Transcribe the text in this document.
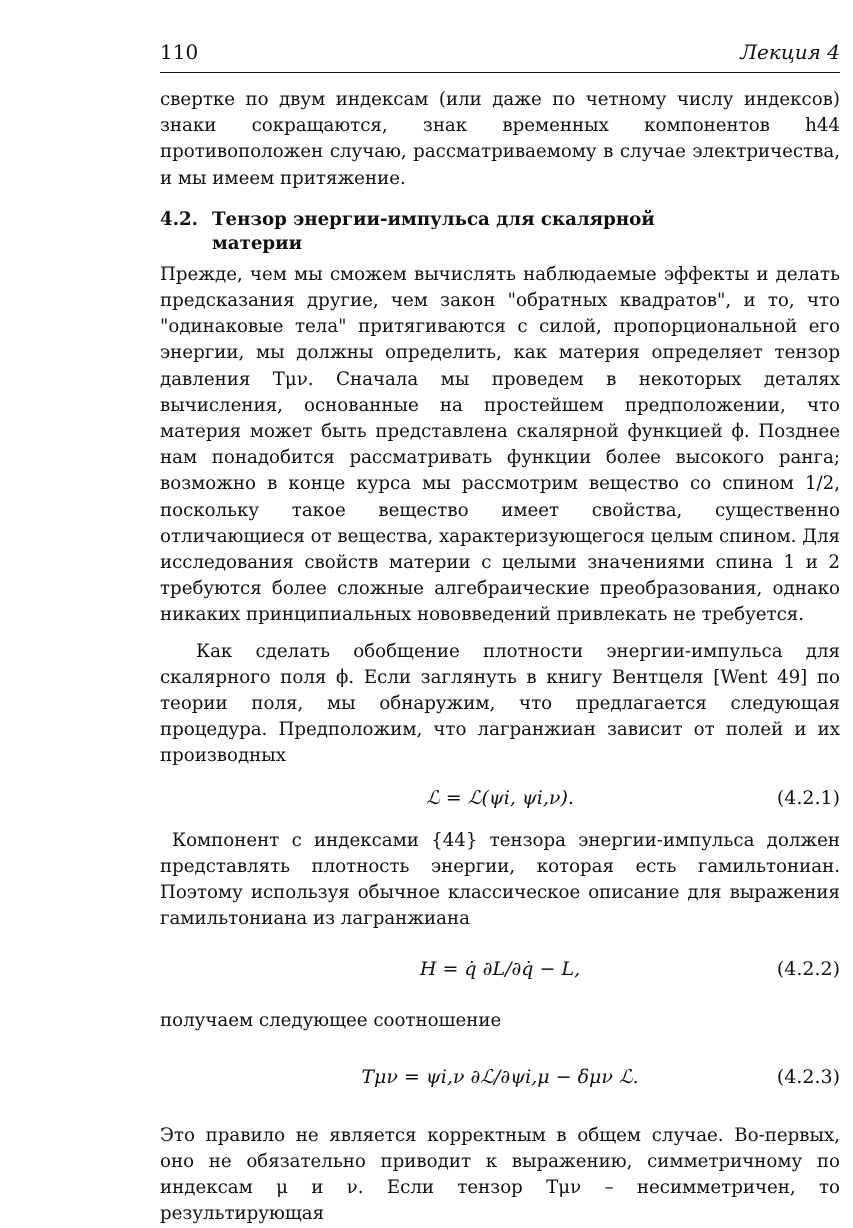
110	Лекция 4

свертке по двум индексам (или даже по четному числу индексов) знаки сокращаются, знак временных компонентов h44 противоположен случаю, рассматриваемому в случае электричества, и мы имеем притяжение.

4.2. Тензор энергии-импульса для скалярной материи

Прежде, чем мы сможем вычислять наблюдаемые эффекты и делать предсказания другие, чем закон "обратных квадратов", и то, что "одинаковые тела" притягиваются с силой, пропорциональной его энергии, мы должны определить, как материя определяет тензор давления Tμν. Сначала мы проведем в некоторых деталях вычисления, основанные на простейшем предположении, что материя может быть представлена скалярной функцией ϕ. Позднее нам понадобится рассматривать функции более высокого ранга; возможно в конце курса мы рассмотрим вещество со спином 1/2, поскольку такое вещество имеет свойства, существенно отличающиеся от вещества, характеризующегося целым спином. Для исследования свойств материи с целыми значениями спина 1 и 2 требуются более сложные алгебраические преобразования, однако никаких принципиальных нововведений привлекать не требуется.

Как сделать обобщение плотности энергии-импульса для скалярного поля ϕ. Если заглянуть в книгу Вентцеля [Went 49] по теории поля, мы обнаружим, что предлагается следующая процедура. Предположим, что лагранжиан зависит от полей и их производных

ℒ = ℒ(ψi, ψi,ν).	(4.2.1)

Компонент с индексами {44} тензора энергии-импульса должен представлять плотность энергии, которая есть гамильтониан. Поэтому используя обычное классическое описание для выражения гамильтониана из лагранжиана

H = q̇ ∂L/∂q̇ − L,	(4.2.2)

получаем следующее соотношение

Tμν = ψi,ν ∂ℒ/∂ψi,μ − δμν ℒ.	(4.2.3)

Это правило не является корректным в общем случае. Во-первых, оно не обязательно приводит к выражению, симметричному по индексам μ и ν. Если тензор Tμν – несимметричен, то результирующая
